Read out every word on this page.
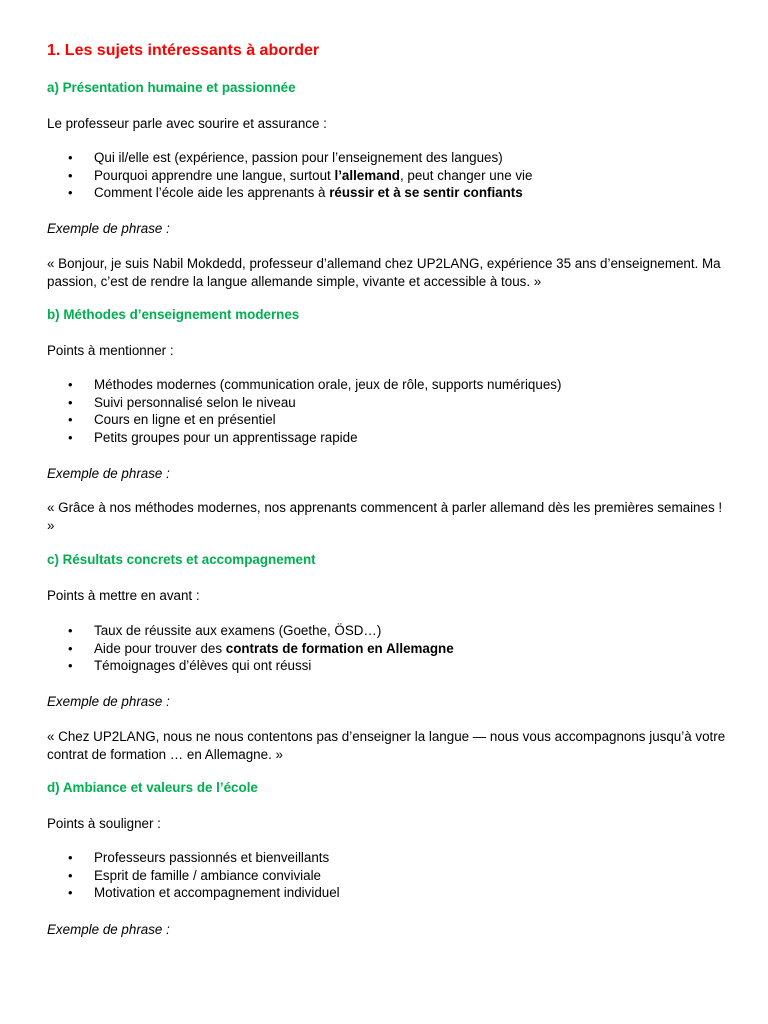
1. Les sujets intéressants à aborder
a) Présentation humaine et passionnée

Le professeur parle avec sourire et assurance :

• Qui il/elle est (expérience, passion pour l’enseignement des langues)
• Pourquoi apprendre une langue, surtout l’allemand, peut changer une vie
• Comment l’école aide les apprenants à réussir et à se sentir confiants

Exemple de phrase :

« Bonjour, je suis Nabil Mokdedd, professeur d’allemand chez UP2LANG, expérience 35 ans d’enseignement. Ma passion, c’est de rendre la langue allemande simple, vivante et accessible à tous. »

b) Méthodes d’enseignement modernes

Points à mentionner :

• Méthodes modernes (communication orale, jeux de rôle, supports numériques)
• Suivi personnalisé selon le niveau
• Cours en ligne et en présentiel
• Petits groupes pour un apprentissage rapide

Exemple de phrase :

« Grâce à nos méthodes modernes, nos apprenants commencent à parler allemand dès les premières semaines ! »

c) Résultats concrets et accompagnement

Points à mettre en avant :

• Taux de réussite aux examens (Goethe, ÖSD…)
• Aide pour trouver des contrats de formation en Allemagne
• Témoignages d’élèves qui ont réussi

Exemple de phrase :

« Chez UP2LANG, nous ne nous contentons pas d’enseigner la langue — nous vous accompagnons jusqu’à votre contrat de formation … en Allemagne. »

d) Ambiance et valeurs de l’école

Points à souligner :

• Professeurs passionnés et bienveillants
• Esprit de famille / ambiance conviviale
• Motivation et accompagnement individuel

Exemple de phrase :
